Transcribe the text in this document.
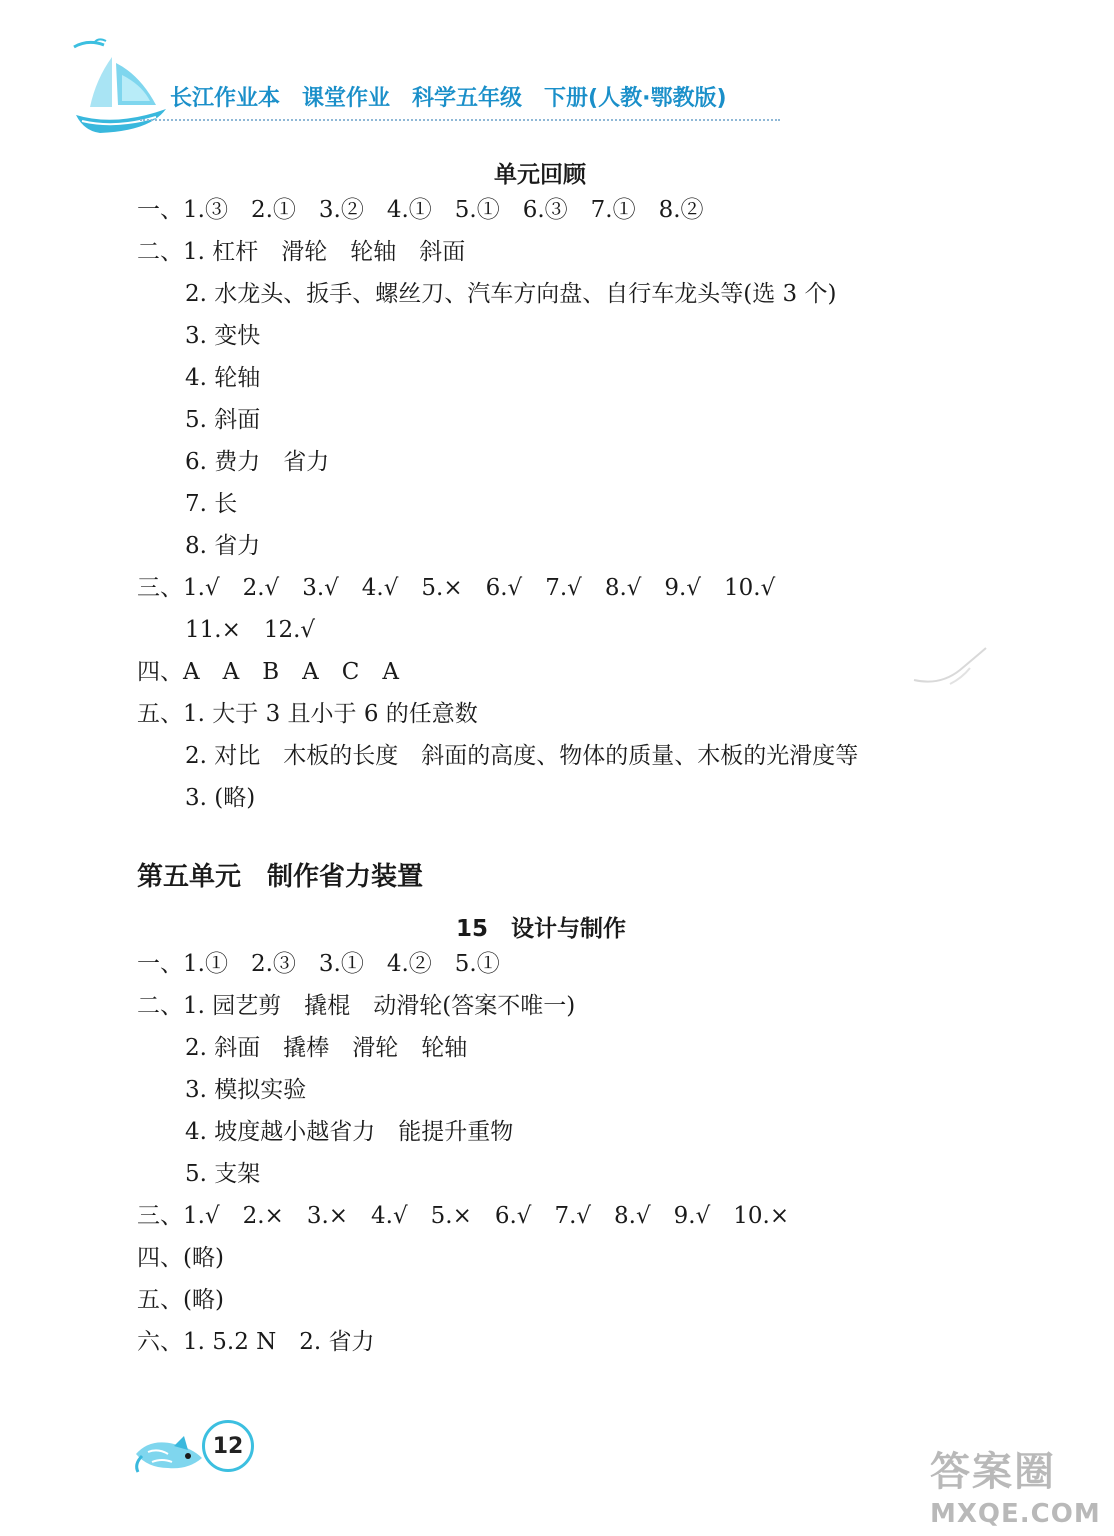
长江作业本 课堂作业 科学五年级 下册(人教·鄂教版)
单元回顾
一、1.③　2.①　3.②　4.①　5.①　6.③　7.①　8.②
二、1. 杠杆　滑轮　轮轴　斜面
2. 水龙头、扳手、螺丝刀、汽车方向盘、自行车龙头等(选 3 个)
3. 变快
4. 轮轴
5. 斜面
6. 费力　省力
7. 长
8. 省力
三、1.√　2.√　3.√　4.√　5.×　6.√　7.√　8.√　9.√　10.√
11.×　12.√
四、A　A　B　A　C　A
五、1. 大于 3 且小于 6 的任意数
2. 对比　木板的长度　斜面的高度、物体的质量、木板的光滑度等
3. (略)
第五单元　制作省力装置
15　设计与制作
一、1.①　2.③　3.①　4.②　5.①
二、1. 园艺剪　撬棍　动滑轮(答案不唯一)
2. 斜面　撬棒　滑轮　轮轴
3. 模拟实验
4. 坡度越小越省力　能提升重物
5. 支架
三、1.√　2.×　3.×　4.√　5.×　6.√　7.√　8.√　9.√　10.×
四、(略)
五、(略)
六、1. 5.2 N　2. 省力
12
答案圈
MXQE.COM
